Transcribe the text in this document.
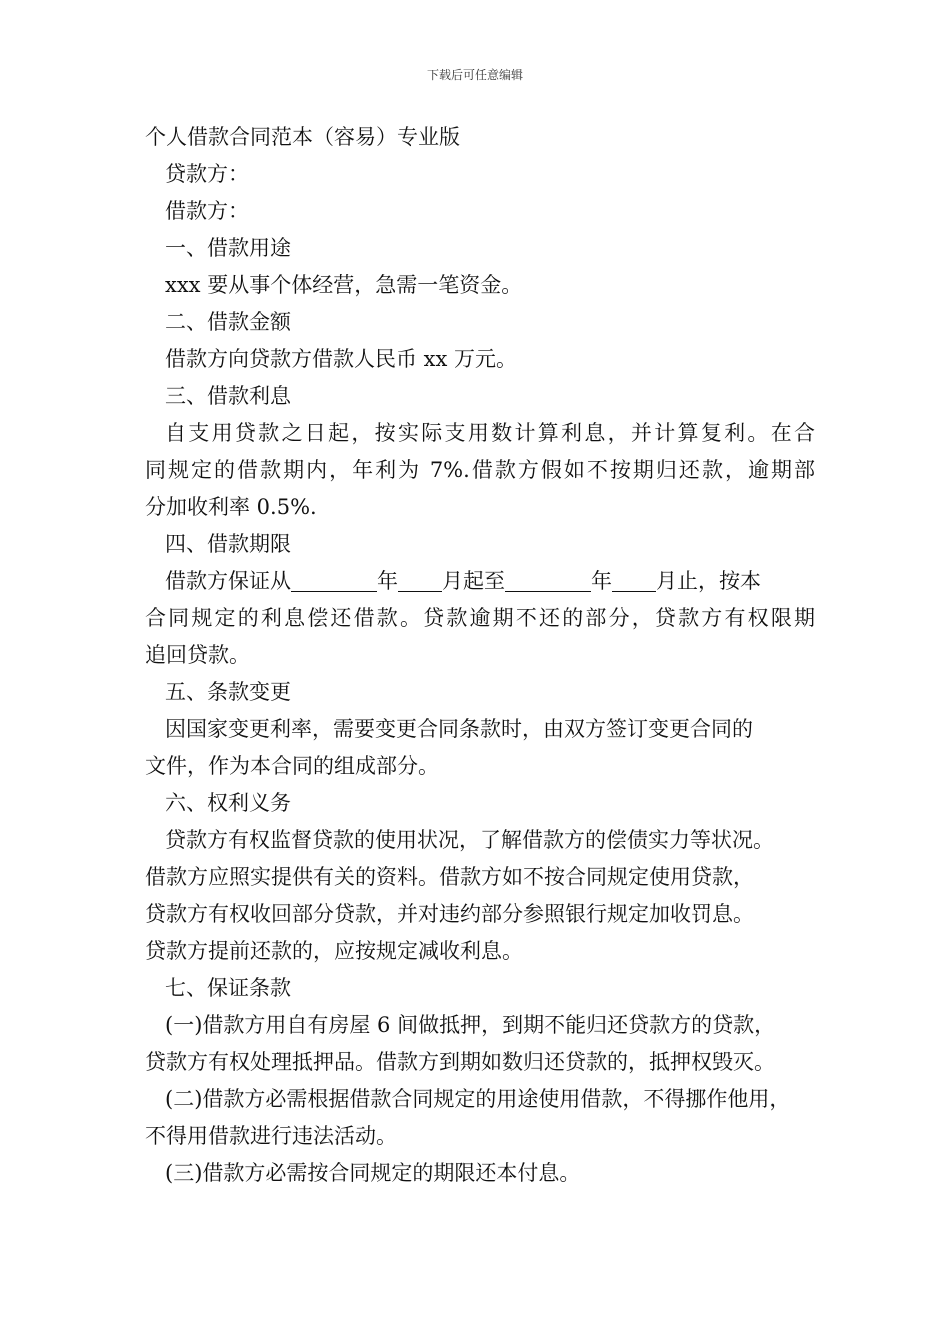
下载后可任意编辑
个人借款合同范本（容易）专业版
贷款方：
借款方：
一、借款用途
xxx 要从事个体经营，急需一笔资金。
二、借款金额
借款方向贷款方借款人民币 xx 万元。
三、借款利息
自支用贷款之日起，按实际支用数计算利息，并计算复利。在合
同规定的借款期内，年利为 7%.借款方假如不按期归还款，逾期部
分加收利率 0.5%.
四、借款期限
借款方保证从	年 月起至	年 月止，按本
合同规定的利息偿还借款。贷款逾期不还的部分，贷款方有权限期
追回贷款。
五、条款变更
因国家变更利率，需要变更合同条款时，由双方签订变更合同的
文件，作为本合同的组成部分。
六、权利义务
贷款方有权监督贷款的使用状况，了解借款方的偿债实力等状况。
借款方应照实提供有关的资料。借款方如不按合同规定使用贷款，
贷款方有权收回部分贷款，并对违约部分参照银行规定加收罚息。
贷款方提前还款的，应按规定减收利息。
七、保证条款
(一)借款方用自有房屋 6 间做抵押，到期不能归还贷款方的贷款，
贷款方有权处理抵押品。借款方到期如数归还贷款的，抵押权毁灭。
(二)借款方必需根据借款合同规定的用途使用借款，不得挪作他用，
不得用借款进行违法活动。
(三)借款方必需按合同规定的期限还本付息。
